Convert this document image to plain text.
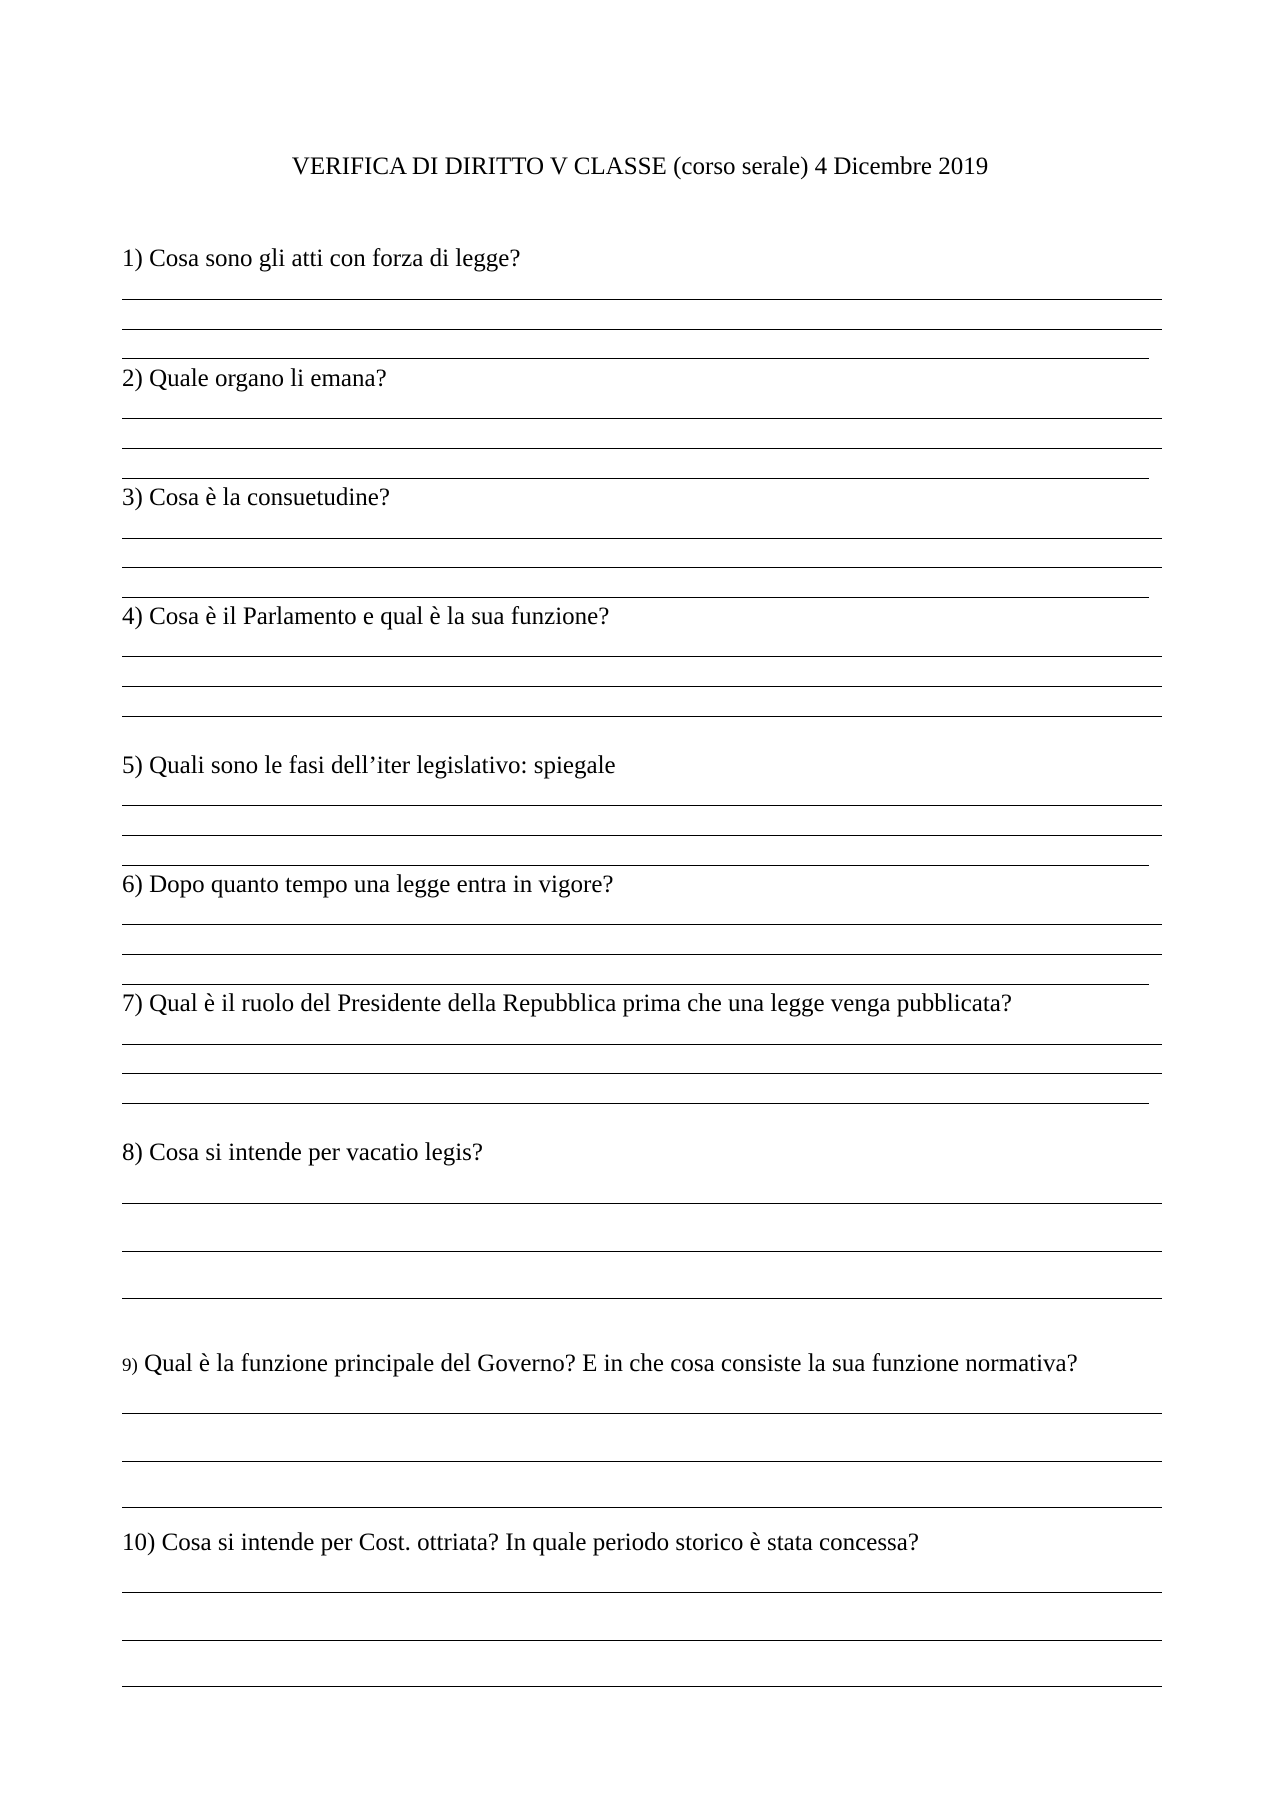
VERIFICA DI DIRITTO V CLASSE (corso serale) 4 Dicembre 2019
1) Cosa sono gli atti con forza di legge?
2) Quale organo li emana?
3) Cosa è la consuetudine?
4) Cosa è il Parlamento e qual è la sua funzione?
5) Quali sono le fasi dell’iter legislativo: spiegale
6) Dopo quanto tempo una legge entra in vigore?
7) Qual è il ruolo del Presidente della Repubblica prima che una legge venga pubblicata?
8) Cosa si intende per vacatio legis?
9) Qual è la funzione principale del Governo? E in che cosa consiste la sua funzione normativa?
10) Cosa si intende per Cost. ottriata? In quale periodo storico è stata concessa?
